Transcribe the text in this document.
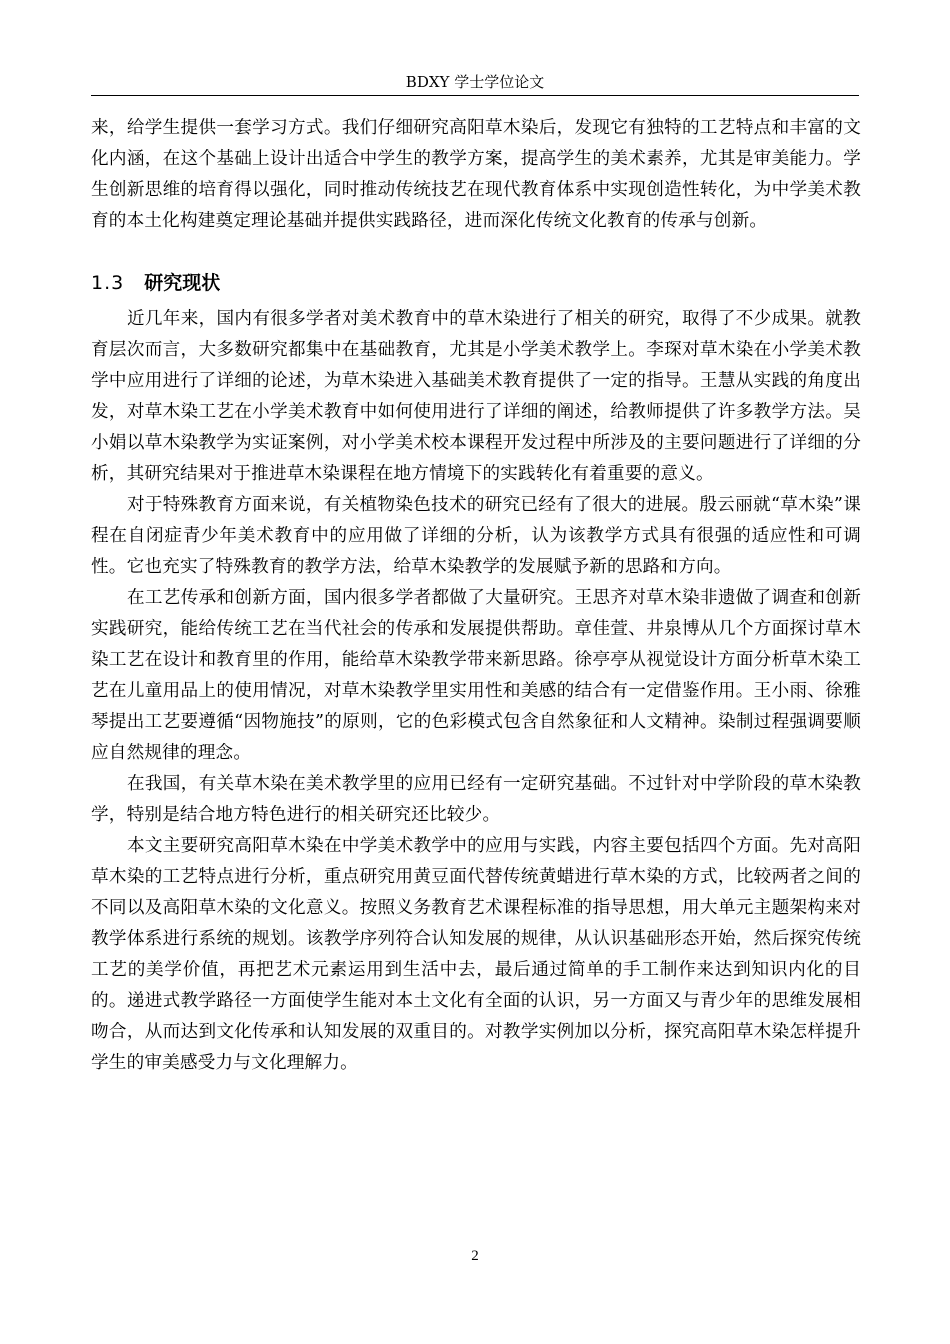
BDXY 学士学位论文

来，给学生提供一套学习方式。我们仔细研究高阳草木染后，发现它有独特的工艺特点和丰富的文化内涵，在这个基础上设计出适合中学生的教学方案，提高学生的美术素养，尤其是审美能力。学生创新思维的培育得以强化，同时推动传统技艺在现代教育体系中实现创造性转化，为中学美术教育的本土化构建奠定理论基础并提供实践路径，进而深化传统文化教育的传承与创新。

1.3 研究现状

近几年来，国内有很多学者对美术教育中的草木染进行了相关的研究，取得了不少成果。就教育层次而言，大多数研究都集中在基础教育，尤其是小学美术教学上。李琛对草木染在小学美术教学中应用进行了详细的论述，为草木染进入基础美术教育提供了一定的指导。王慧从实践的角度出发，对草木染工艺在小学美术教育中如何使用进行了详细的阐述，给教师提供了许多教学方法。吴小娟以草木染教学为实证案例，对小学美术校本课程开发过程中所涉及的主要问题进行了详细的分析，其研究结果对于推进草木染课程在地方情境下的实践转化有着重要的意义。

对于特殊教育方面来说，有关植物染色技术的研究已经有了很大的进展。殷云丽就“草木染”课程在自闭症青少年美术教育中的应用做了详细的分析，认为该教学方式具有很强的适应性和可调性。它也充实了特殊教育的教学方法，给草木染教学的发展赋予新的思路和方向。

在工艺传承和创新方面，国内很多学者都做了大量研究。王思齐对草木染非遗做了调查和创新实践研究，能给传统工艺在当代社会的传承和发展提供帮助。章佳萱、井泉博从几个方面探讨草木染工艺在设计和教育里的作用，能给草木染教学带来新思路。徐亭亭从视觉设计方面分析草木染工艺在儿童用品上的使用情况，对草木染教学里实用性和美感的结合有一定借鉴作用。王小雨、徐雅琴提出工艺要遵循“因物施技”的原则，它的色彩模式包含自然象征和人文精神。染制过程强调要顺应自然规律的理念。

在我国，有关草木染在美术教学里的应用已经有一定研究基础。不过针对中学阶段的草木染教学，特别是结合地方特色进行的相关研究还比较少。

本文主要研究高阳草木染在中学美术教学中的应用与实践，内容主要包括四个方面。先对高阳草木染的工艺特点进行分析，重点研究用黄豆面代替传统黄蜡进行草木染的方式，比较两者之间的不同以及高阳草木染的文化意义。按照义务教育艺术课程标准的指导思想，用大单元主题架构来对教学体系进行系统的规划。该教学序列符合认知发展的规律，从认识基础形态开始，然后探究传统工艺的美学价值，再把艺术元素运用到生活中去，最后通过简单的手工制作来达到知识内化的目的。递进式教学路径一方面使学生能对本土文化有全面的认识，另一方面又与青少年的思维发展相吻合，从而达到文化传承和认知发展的双重目的。对教学实例加以分析，探究高阳草木染怎样提升学生的审美感受力与文化理解力。

2
